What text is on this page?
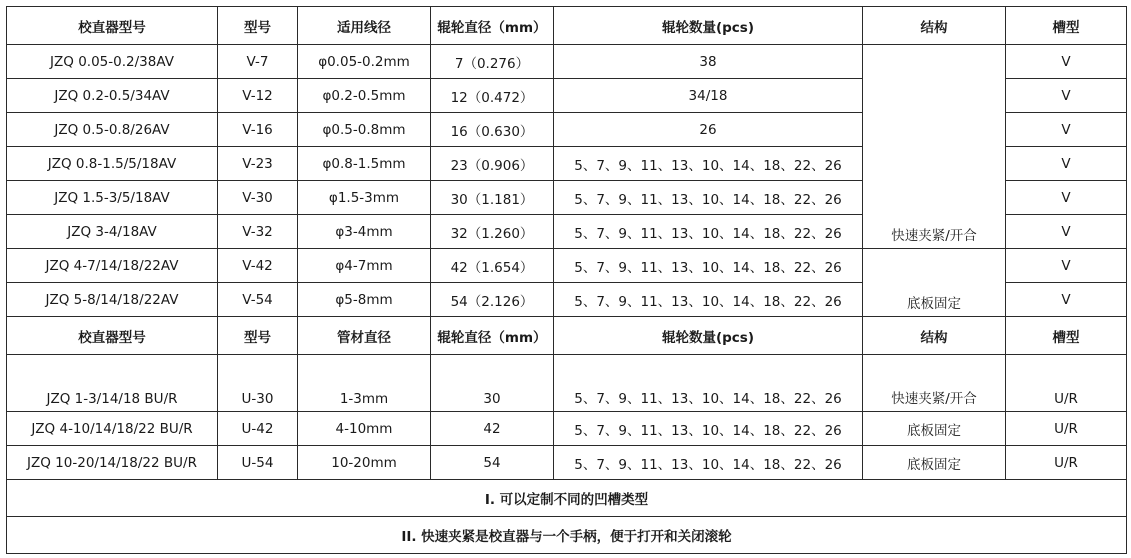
校直器型号	型号	适用线径	辊轮直径（mm）	辊轮数量(pcs)	结构	槽型
JZQ 0.05-0.2/38AV	V-7	φ0.05-0.2mm	7（0.276）	38	快速夹紧/开合	V
JZQ 0.2-0.5/34AV	V-12	φ0.2-0.5mm	12（0.472）	34/18		V
JZQ 0.5-0.8/26AV	V-16	φ0.5-0.8mm	16（0.630）	26		V
JZQ 0.8-1.5/5/18AV	V-23	φ0.8-1.5mm	23（0.906）	5、7、9、11、13、10、14、18、22、26		V
JZQ 1.5-3/5/18AV	V-30	φ1.5-3mm	30（1.181）	5、7、9、11、13、10、14、18、22、26		V
JZQ 3-4/18AV	V-32	φ3-4mm	32（1.260）	5、7、9、11、13、10、14、18、22、26		V
JZQ 4-7/14/18/22AV	V-42	φ4-7mm	42（1.654）	5、7、9、11、13、10、14、18、22、26	底板固定	V
JZQ 5-8/14/18/22AV	V-54	φ5-8mm	54（2.126）	5、7、9、11、13、10、14、18、22、26		V
校直器型号	型号	管材直径	辊轮直径（mm）	辊轮数量(pcs)	结构	槽型
JZQ 1-3/14/18 BU/R	U-30	1-3mm	30	5、7、9、11、13、10、14、18、22、26	快速夹紧/开合	U/R
JZQ 4-10/14/18/22 BU/R	U-42	4-10mm	42	5、7、9、11、13、10、14、18、22、26	底板固定	U/R
JZQ 10-20/14/18/22 BU/R	U-54	10-20mm	54	5、7、9、11、13、10、14、18、22、26	底板固定	U/R
I. 可以定制不同的凹槽类型						
II. 快速夹紧是校直器与一个手柄，便于打开和关闭滚轮						
